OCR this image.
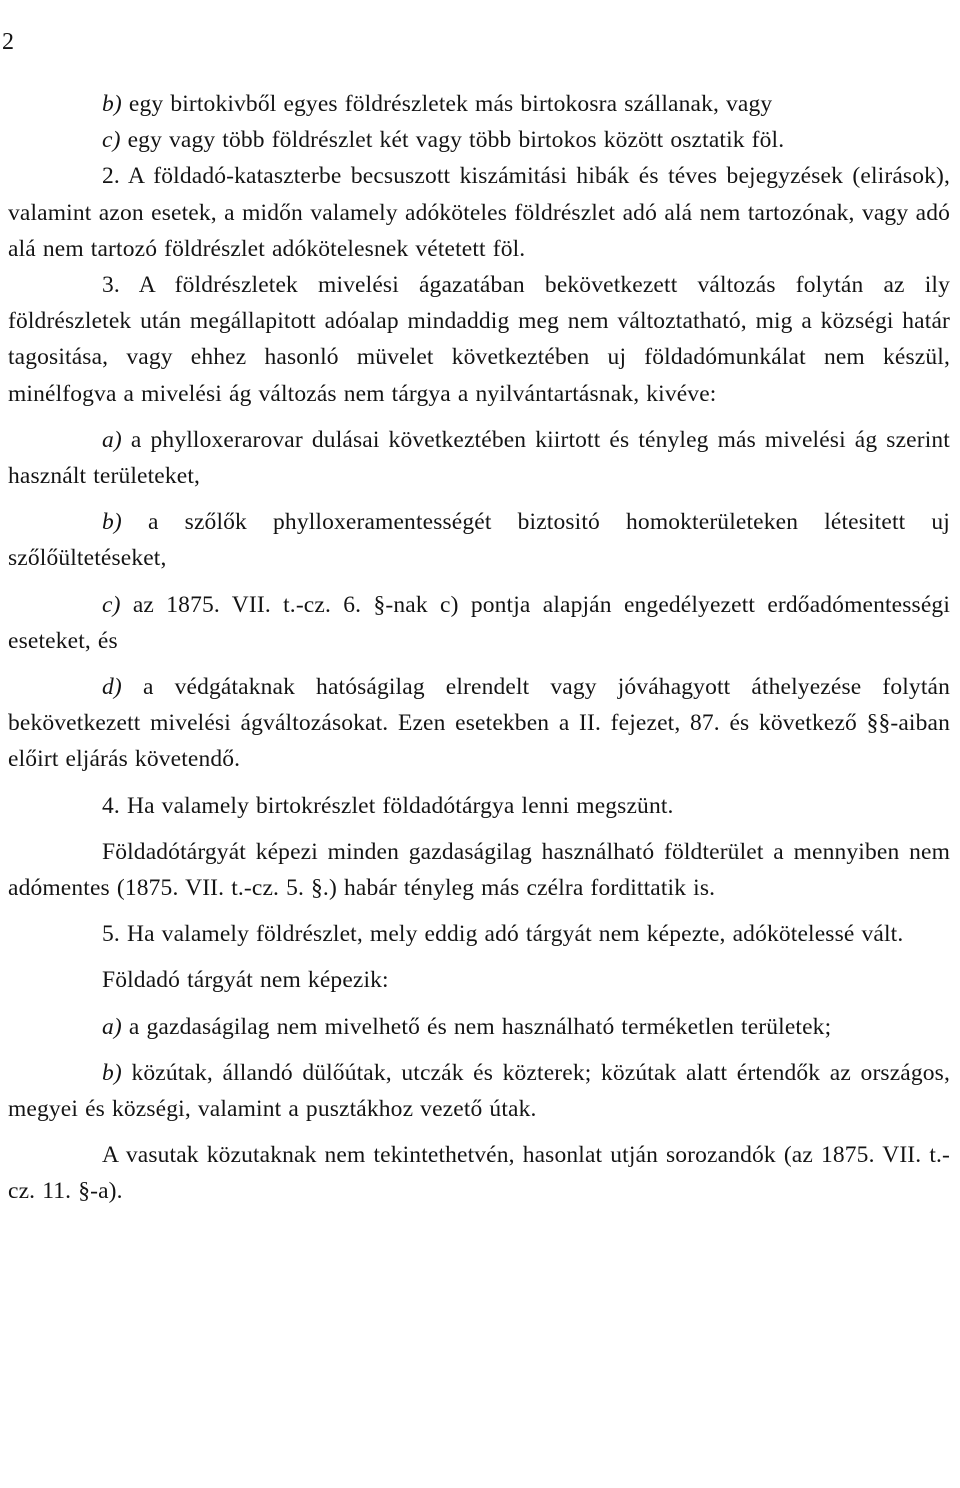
2

b) egy birtokivből egyes földrészletek más birtokosra szállanak, vagy

c) egy vagy több földrészlet két vagy több birtokos között osztatik föl.

2. A földadó-kataszterbe becsuszott kiszámitási hibák és téves bejegyzések (elirások), valamint azon esetek, a midőn valamely adóköteles földrészlet adó alá nem tartozónak, vagy adó alá nem tartozó földrészlet adókötelesnek vétetett föl.

3. A földrészletek mivelési ágazatában bekövetkezett változás folytán az ily földrészletek után megállapitott adóalap mindaddig meg nem változtatható, mig a községi határ tagositása, vagy ehhez hasonló müvelet következtében uj földadómunkálat nem készül, minélfogva a mivelési ág változás nem tárgya a nyilvántartásnak, kivéve:

a) a phylloxerarovar dulásai következtében kiirtott és tényleg más mivelési ág szerint használt területeket,

b) a szőlők phylloxeramentességét biztositó homokterületeken létesitett uj szőlőültetéseket,

c) az 1875. VII. t.-cz. 6. §-nak c) pontja alapján engedélyezett erdőadómentességi eseteket, és

d) a védgátaknak hatóságilag elrendelt vagy jóváhagyott áthelyezése folytán bekövetkezett mivelési ágváltozásokat. Ezen esetekben a II. fejezet, 87. és következő §§-aiban előirt eljárás követendő.

4. Ha valamely birtokrészlet földadótárgya lenni megszünt.

Földadótárgyát képezi minden gazdaságilag használható földterület a mennyiben nem adómentes (1875. VII. t.-cz. 5. §.) habár tényleg más czélra fordittatik is.

5. Ha valamely földrészlet, mely eddig adó tárgyát nem képezte, adókötelessé vált.

Földadó tárgyát nem képezik:

a) a gazdaságilag nem mivelhető és nem használható terméketlen területek;

b) közútak, állandó dülőútak, utczák és közterek; közútak alatt értendők az országos, megyei és községi, valamint a pusztákhoz vezető útak.

A vasutak közutaknak nem tekintethetvén, hasonlat utján sorozandók (az 1875. VII. t.-cz. 11. §-a).
